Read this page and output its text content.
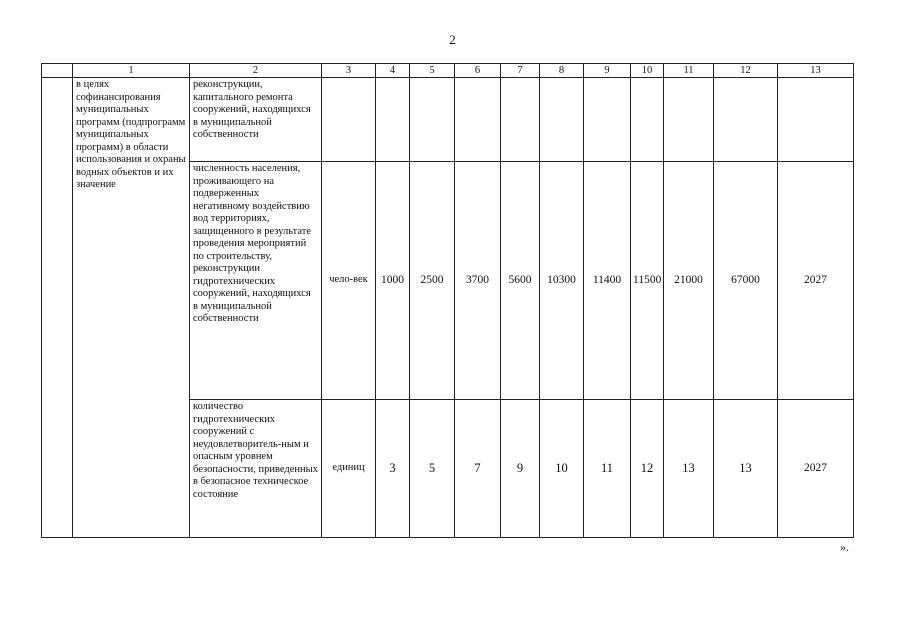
2
	1	2	3	4	5	6	7	8	9	10	11	12	13
	в целях софинансирования муниципальных программ (подпрограмм муниципальных программ) в области использования и охраны водных объектов и их значение	реконструкции, капитального ремонта сооружений, находящихся в муниципальной собственности											
		численность населения, проживающего на подверженных негативному воздействию вод территориях, защищенного в результате проведения мероприятий по строительству, реконструкции гидротехнических сооружений, находящихся в муниципальной собственности	чело-век	1000	2500	3700	5600	10300	11400	11500	21000	67000	2027
		количество гидротехнических сооружений с неудовлетворитель-ным и опасным уровнем безопасности, приведенных в безопасное техническое состояние	единиц	3	5	7	9	10	11	12	13	13	2027
».
